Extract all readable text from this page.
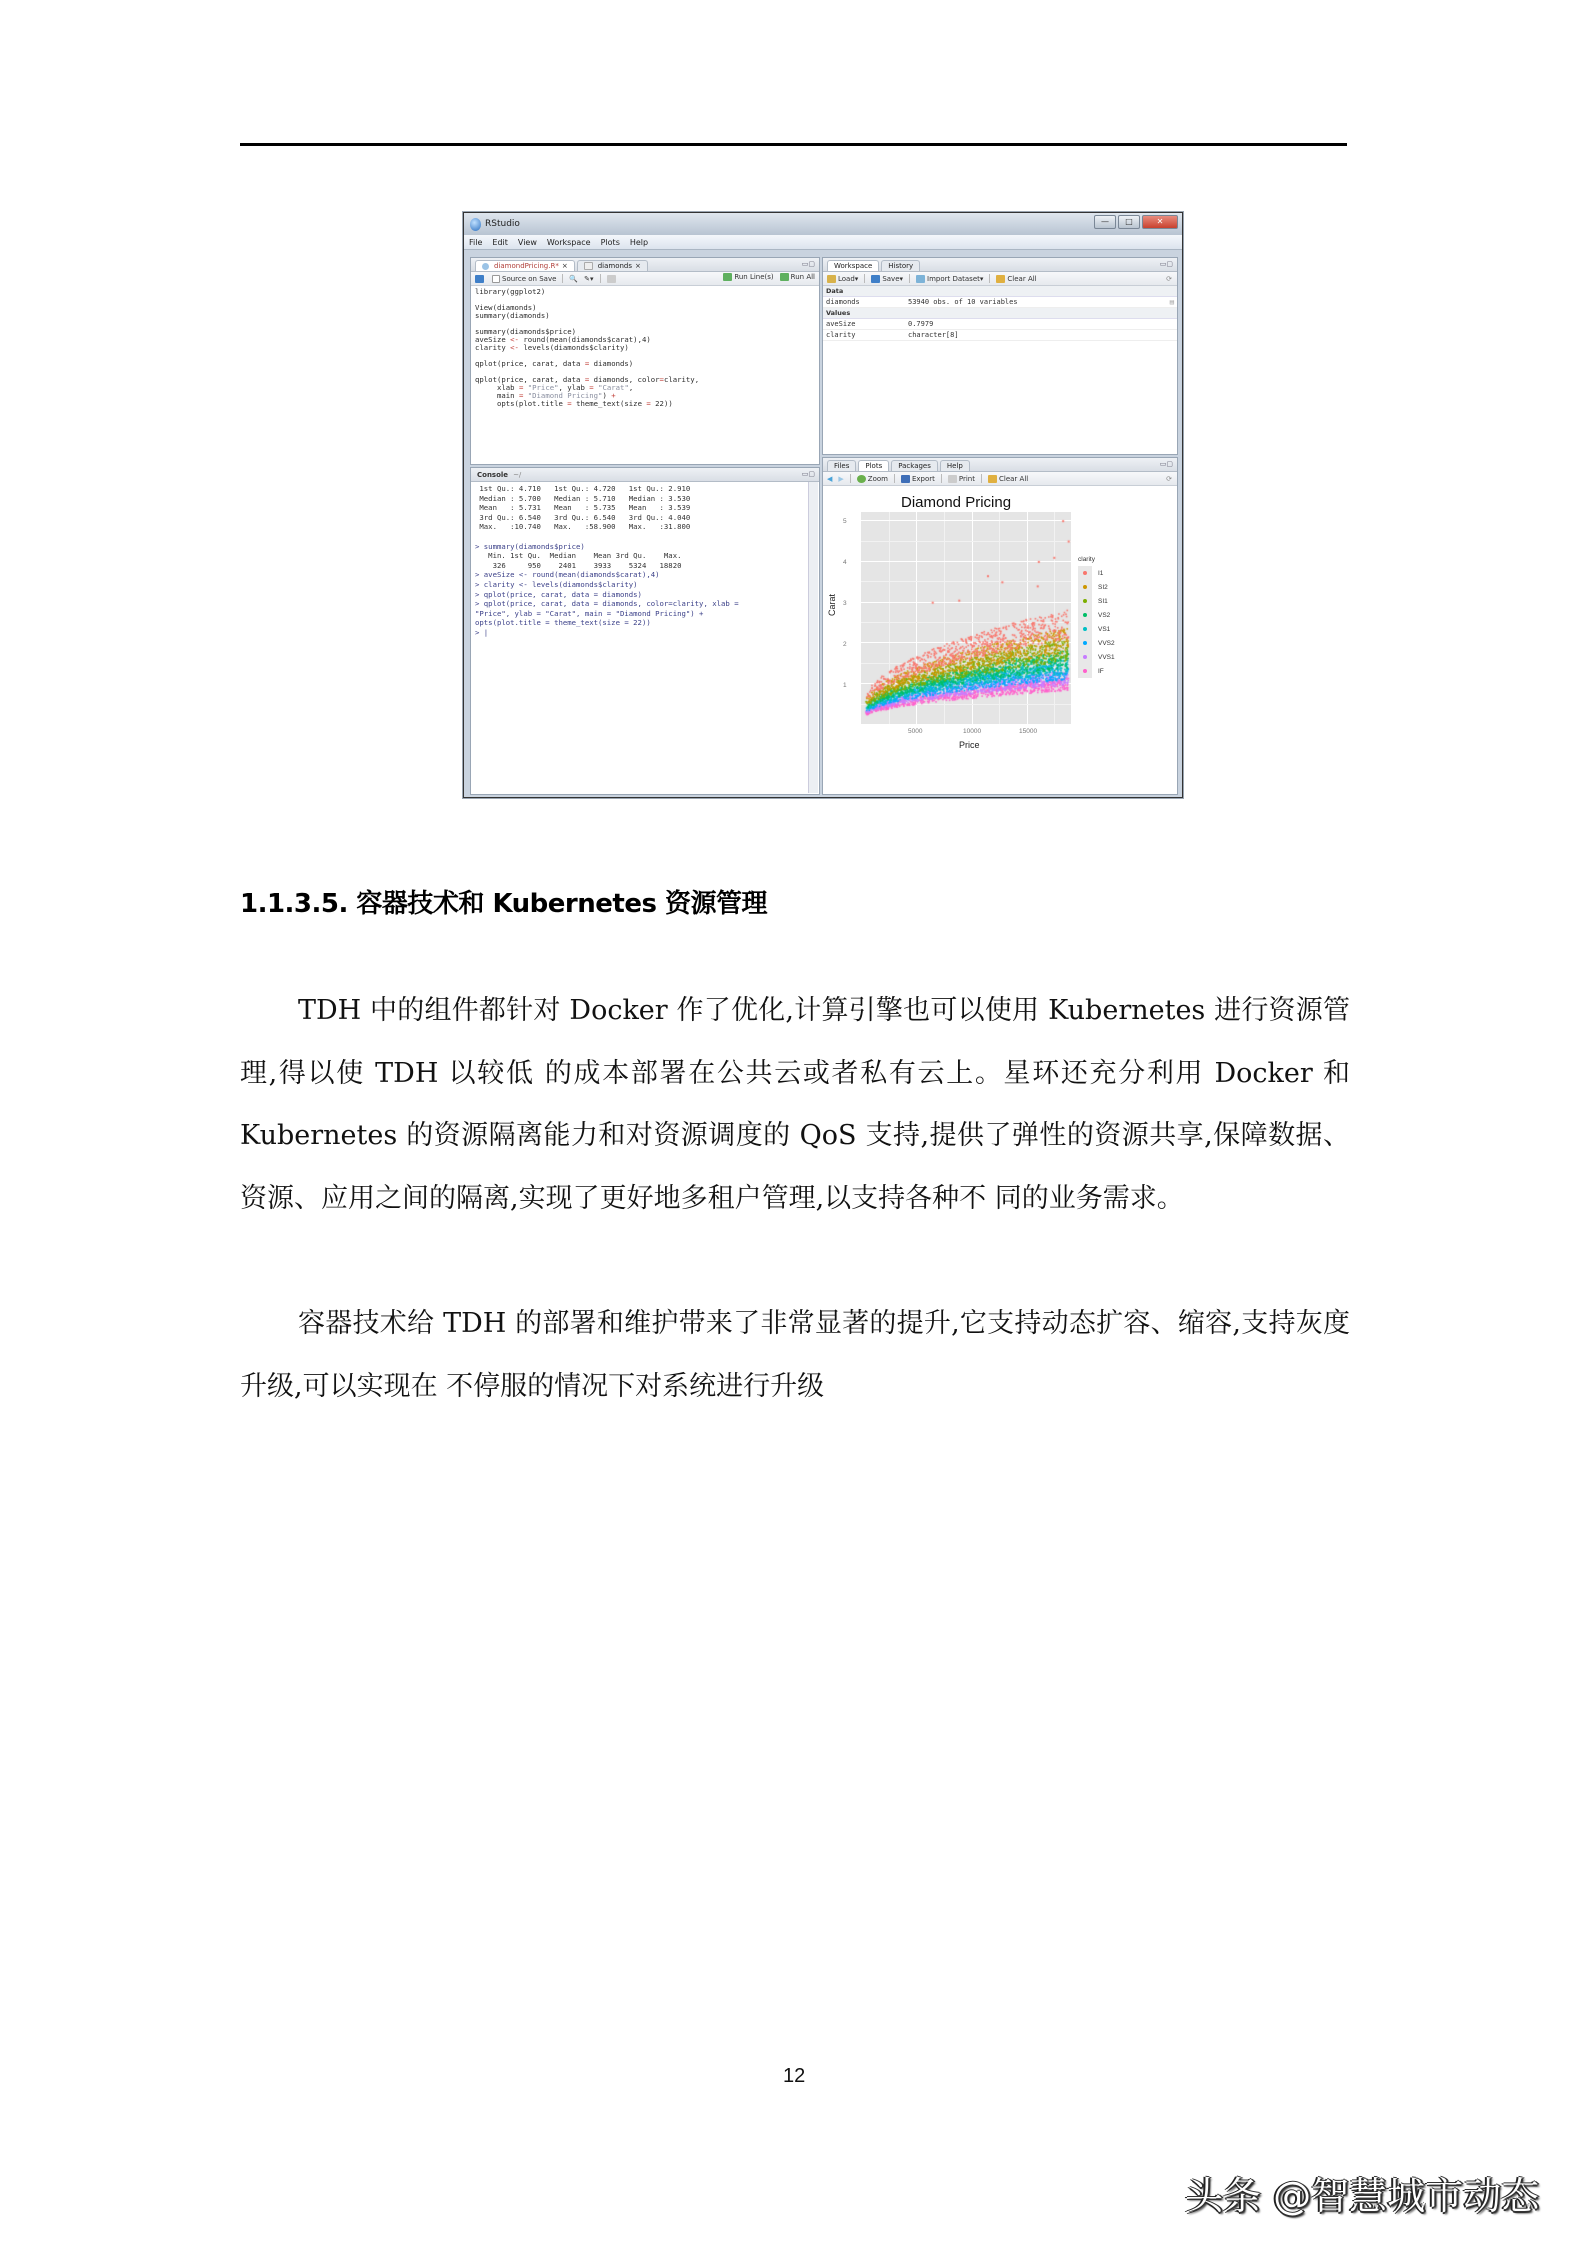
RStudio	—	□	✕
File Edit View Workspace Plots Help
diamondPricing.R* ×	diamonds ×	▭▢
Source on Save 🔍 ✎▾	Run Line(s)	Run All
library(ggplot2)

View(diamonds)
summary(diamonds)

summary(diamonds$price)
aveSize <- round(mean(diamonds$carat),4)
clarity <- levels(diamonds$clarity)

qplot(price, carat, data = diamonds)

qplot(price, carat, data = diamonds, color=clarity,
xlab = "Price", ylab = "Carat",
main = "Diamond Pricing") +
opts(plot.title = theme_text(size = 22))
Console ~/	▭▢
1st Qu.: 4.710   1st Qu.: 4.720   1st Qu.: 2.910
Median : 5.700   Median : 5.710   Median : 3.530
Mean   : 5.731   Mean   : 5.735   Mean   : 3.539
3rd Qu.: 6.540   3rd Qu.: 6.540   3rd Qu.: 4.040
Max.   :10.740   Max.   :58.900   Max.   :31.800

> summary(diamonds$price)
Min. 1st Qu.  Median    Mean 3rd Qu.    Max.
326     950    2401    3933    5324   18820
> aveSize <- round(mean(diamonds$carat),4)
> clarity <- levels(diamonds$clarity)
> qplot(price, carat, data = diamonds)
> qplot(price, carat, data = diamonds, color=clarity, xlab =
"Price", ylab = "Carat", main = "Diamond Pricing") +
opts(plot.title = theme_text(size = 22))
> |
Workspace	History	▭▢
Load▾	Save▾	Import Dataset▾	Clear All	⟳
Data
diamonds	53940 obs. of 10 variables	▤
Values
aveSize	0.7979
clarity	character[8]
Files	Plots	Packages	Help	▭▢
◀ ▶	Zoom	Export	Print	Clear All	⟳
Diamond Pricing
1
2
3
4
5
5000	10000	15000
Price
Carat
clarity
I1
SI2
SI1
VS2
VS1
VVS2
VVS1
IF
1.1.3.5. 容器技术和 Kubernetes 资源管理
TDH 中的组件都针对 Docker 作了优化,计算引擎也可以使用 Kubernetes 进行资源管理,得以使 TDH 以较低 的成本部署在公共云或者私有云上。星环还充分利用 Docker 和 Kubernetes 的资源隔离能力和对资源调度的 QoS 支持,提供了弹性的资源共享,保障数据、资源、应用之间的隔离,实现了更好地多租户管理,以支持各种不 同的业务需求。
容器技术给 TDH 的部署和维护带来了非常显著的提升,它支持动态扩容、缩容,支持灰度升级,可以实现在 不停服的情况下对系统进行升级
12
头条 @智慧城市动态
